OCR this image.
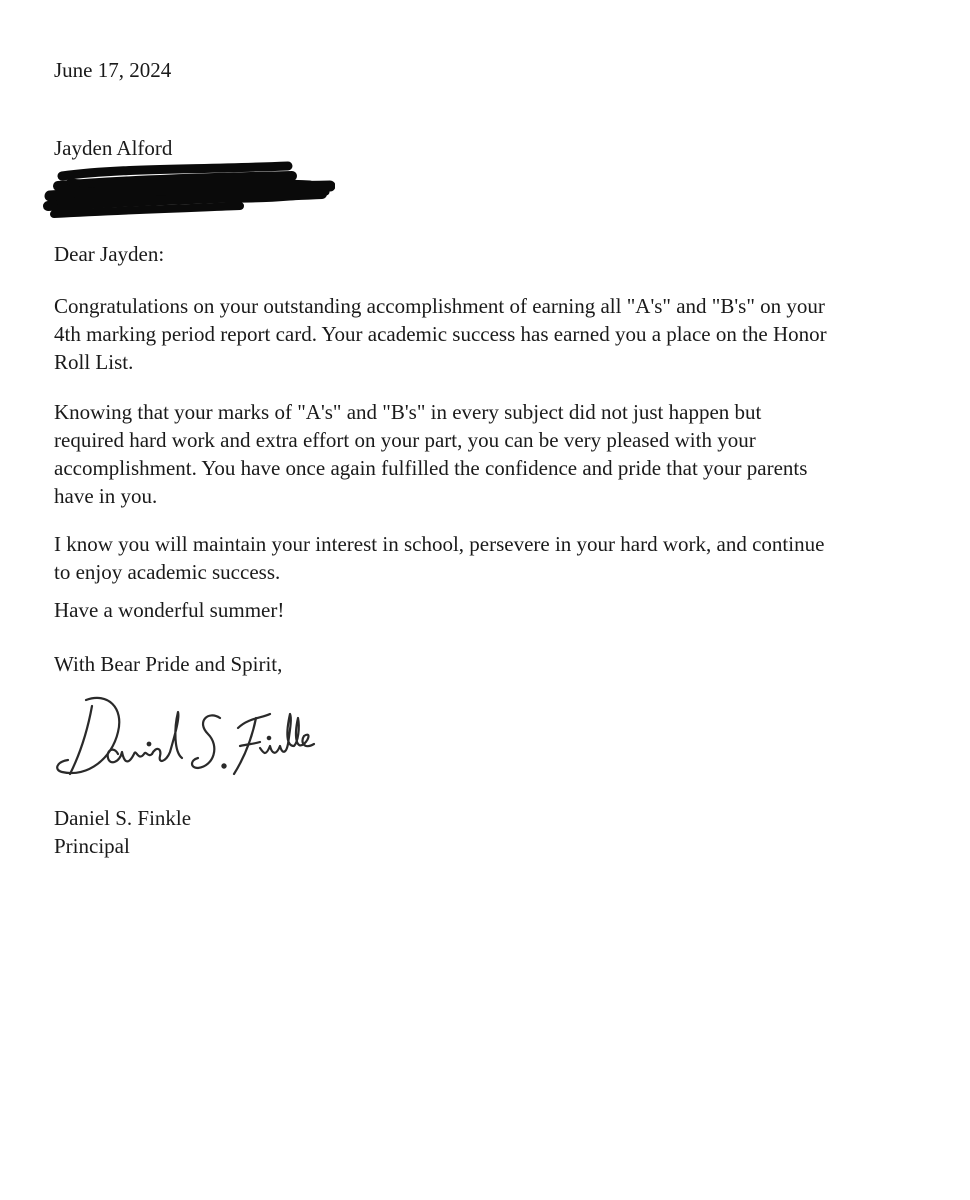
June 17, 2024
Jayden Alford
Dear Jayden:
Congratulations on your outstanding accomplishment of earning all "A's" and "B's" on your
4th marking period report card. Your academic success has earned you a place on the Honor
Roll List.
Knowing that your marks of "A's" and "B's" in every subject did not just happen but
required hard work and extra effort on your part, you can be very pleased with your
accomplishment. You have once again fulfilled the confidence and pride that your parents
have in you.
I know you will maintain your interest in school, persevere in your hard work, and continue
to enjoy academic success.
Have a wonderful summer!
With Bear Pride and Spirit,
Daniel S. Finkle
Principal
